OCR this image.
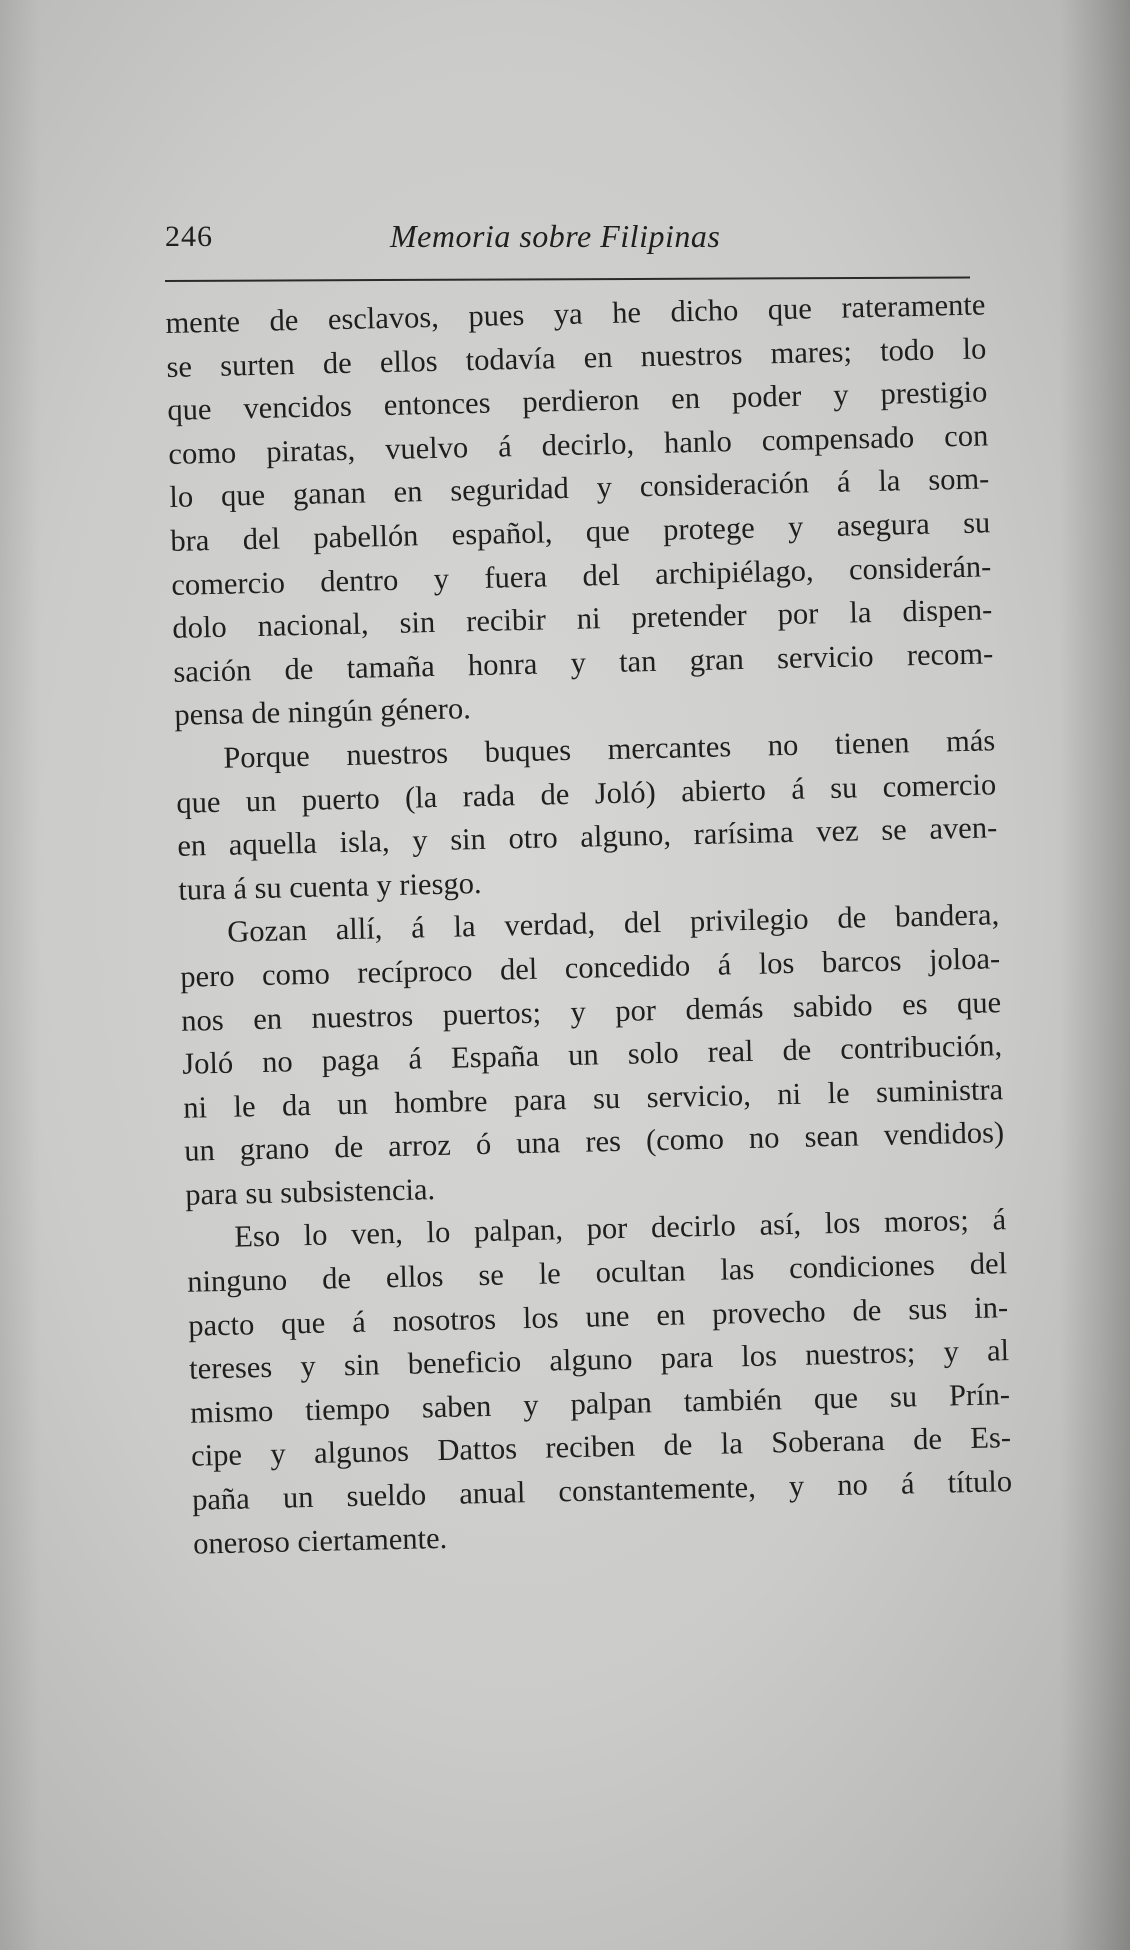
246	Memoria sobre Filipinas

mente de esclavos, pues ya he dicho que rateramente
se surten de ellos todavía en nuestros mares; todo lo
que vencidos entonces perdieron en poder y prestigio
como piratas, vuelvo á decirlo, hanlo compensado con
lo que ganan en seguridad y consideración á la som-
bra del pabellón español, que protege y asegura su
comercio dentro y fuera del archipiélago, considerán-
dolo nacional, sin recibir ni pretender por la dispen-
sación de tamaña honra y tan gran servicio recom-
pensa de ningún género.

Porque nuestros buques mercantes no tienen más
que un puerto (la rada de Joló) abierto á su comercio
en aquella isla, y sin otro alguno, rarísima vez se aven-
tura á su cuenta y riesgo.

Gozan allí, á la verdad, del privilegio de bandera,
pero como recíproco del concedido á los barcos joloa-
nos en nuestros puertos; y por demás sabido es que
Joló no paga á España un solo real de contribución,
ni le da un hombre para su servicio, ni le suministra
un grano de arroz ó una res (como no sean vendidos)
para su subsistencia.

Eso lo ven, lo palpan, por decirlo así, los moros; á
ninguno de ellos se le ocultan las condiciones del
pacto que á nosotros los une en provecho de sus in-
tereses y sin beneficio alguno para los nuestros; y al
mismo tiempo saben y palpan también que su Prín-
cipe y algunos Dattos reciben de la Soberana de Es-
paña un sueldo anual constantemente, y no á título
oneroso ciertamente.
